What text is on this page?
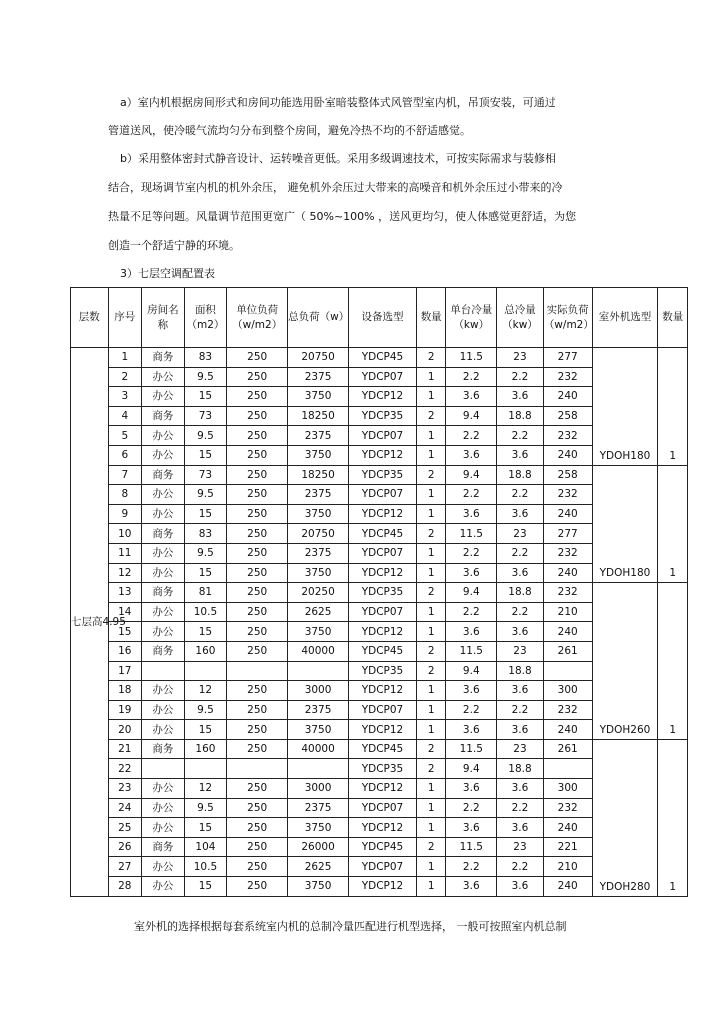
a）室内机根据房间形式和房间功能选用卧室暗装整体式风管型室内机，吊顶安装，可通过
管道送风，使冷暖气流均匀分布到整个房间，避免冷热不均的不舒适感觉。
b）采用整体密封式静音设计、运转噪音更低。采用多级调速技术，可按实际需求与装修相
结合，现场调节室内机的机外余压， 避免机外余压过大带来的高噪音和机外余压过小带来的冷
热量不足等问题。风量调节范围更宽广（ 50%~100% ，送风更均匀，使人体感觉更舒适，为您
创造一个舒适宁静的环境。
3）七层空调配置表
层数	序号	房间名称	面积（m2）	单位负荷（w/m2）	总负荷（w）	设备选型	数量	单台冷量（kw）	总冷量（kw）	实际负荷（w/m2）	室外机选型	数量
七层高4.95	1	商务	83	250	20750	YDCP45	2	11.5	23	277	YDOH180	1
	2	办公	9.5	250	2375	YDCP07	1	2.2	2.2	232		
	3	办公	15	250	3750	YDCP12	1	3.6	3.6	240		
	4	商务	73	250	18250	YDCP35	2	9.4	18.8	258		
	5	办公	9.5	250	2375	YDCP07	1	2.2	2.2	232		
	6	办公	15	250	3750	YDCP12	1	3.6	3.6	240		
	7	商务	73	250	18250	YDCP35	2	9.4	18.8	258	YDOH180	1
	8	办公	9.5	250	2375	YDCP07	1	2.2	2.2	232		
	9	办公	15	250	3750	YDCP12	1	3.6	3.6	240		
	10	商务	83	250	20750	YDCP45	2	11.5	23	277		
	11	办公	9.5	250	2375	YDCP07	1	2.2	2.2	232		
	12	办公	15	250	3750	YDCP12	1	3.6	3.6	240		
	13	商务	81	250	20250	YDCP35	2	9.4	18.8	232	YDOH260	1
	14	办公	10.5	250	2625	YDCP07	1	2.2	2.2	210		
	15	办公	15	250	3750	YDCP12	1	3.6	3.6	240		
	16	商务	160	250	40000	YDCP45	2	11.5	23	261		
	17					YDCP35	2	9.4	18.8			
	18	办公	12	250	3000	YDCP12	1	3.6	3.6	300		
	19	办公	9.5	250	2375	YDCP07	1	2.2	2.2	232		
	20	办公	15	250	3750	YDCP12	1	3.6	3.6	240		
	21	商务	160	250	40000	YDCP45	2	11.5	23	261	YDOH280	1
	22					YDCP35	2	9.4	18.8			
	23	办公	12	250	3000	YDCP12	1	3.6	3.6	300		
	24	办公	9.5	250	2375	YDCP07	1	2.2	2.2	232		
	25	办公	15	250	3750	YDCP12	1	3.6	3.6	240		
	26	商务	104	250	26000	YDCP45	2	11.5	23	221		
	27	办公	10.5	250	2625	YDCP07	1	2.2	2.2	210		
	28	办公	15	250	3750	YDCP12	1	3.6	3.6	240		
室外机的选择根据每套系统室内机的总制冷量匹配进行机型选择， 一般可按照室内机总制
